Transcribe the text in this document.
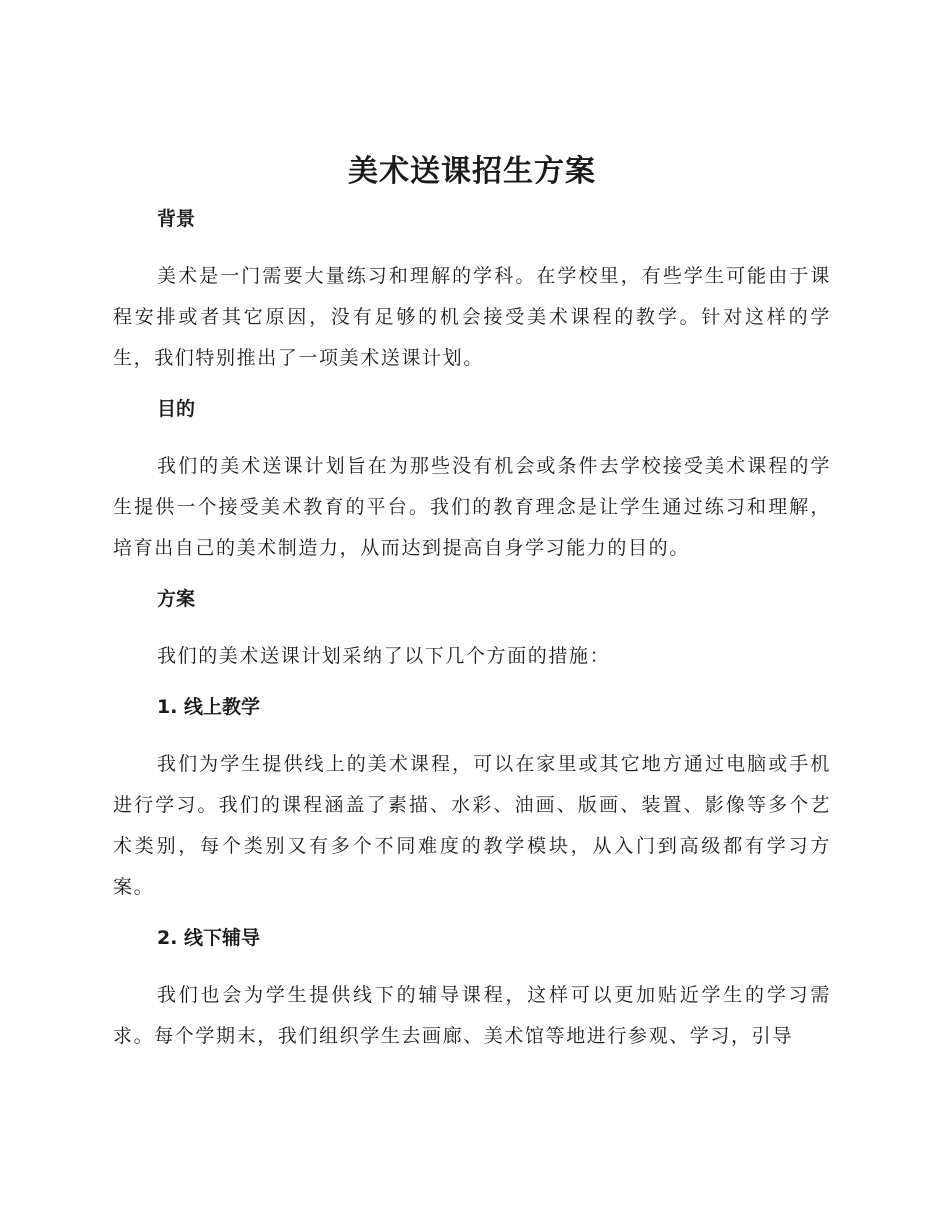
美术送课招生方案

背景

美术是一门需要大量练习和理解的学科。在学校里，有些学生可能由于课程安排或者其它原因，没有足够的机会接受美术课程的教学。针对这样的学生，我们特别推出了一项美术送课计划。

目的

我们的美术送课计划旨在为那些没有机会或条件去学校接受美术课程的学生提供一个接受美术教育的平台。我们的教育理念是让学生通过练习和理解，培育出自己的美术制造力，从而达到提高自身学习能力的目的。

方案

我们的美术送课计划采纳了以下几个方面的措施：

1. 线上教学

我们为学生提供线上的美术课程，可以在家里或其它地方通过电脑或手机进行学习。我们的课程涵盖了素描、水彩、油画、版画、装置、影像等多个艺术类别，每个类别又有多个不同难度的教学模块，从入门到高级都有学习方案。

2. 线下辅导

我们也会为学生提供线下的辅导课程，这样可以更加贴近学生的学习需求。每个学期末，我们组织学生去画廊、美术馆等地进行参观、学习，引导
